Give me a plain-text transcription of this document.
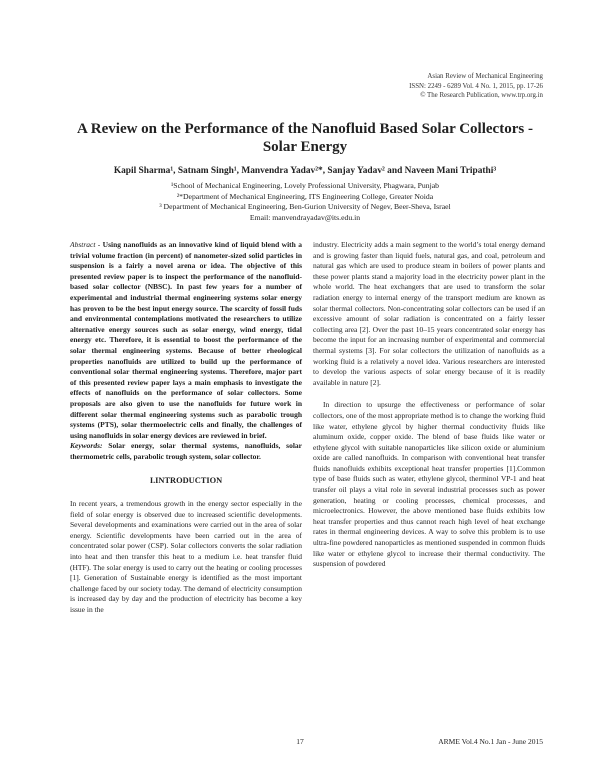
Asian Review of Mechanical Engineering
ISSN: 2249 - 6289 Vol. 4 No. 1, 2015, pp. 17-26
© The Research Publication, www.trp.org.in
A Review on the Performance of the Nanofluid Based Solar Collectors - Solar Energy
Kapil Sharma¹, Satnam Singh¹, Manvendra Yadav²*, Sanjay Yadav² and Naveen Mani Tripathi³
¹School of Mechanical Engineering, Lovely Professional University, Phagwara, Punjab
²*Department of Mechanical Engineering, ITS Engineering College, Greater Noida
³ Department of Mechanical Engineering, Ben-Gurion University of Negev, Beer-Sheva, Israel
Email: manvendrayadav@its.edu.in

Abstract - Using nanofluids as an innovative kind of liquid blend with a trivial volume fraction (in percent) of nanometer-sized solid particles in suspension is a fairly a novel arena or idea. The objective of this presented review paper is to inspect the performance of the nanofluid-based solar collector (NBSC). In past few years for a number of experimental and industrial thermal engineering systems solar energy has proven to be the best input energy source. The scarcity of fossil fuds and environmental contemplations motivated the researchers to utilize alternative energy sources such as solar energy, wind energy, tidal energy etc. Therefore, it is essential to boost the performance of the solar thermal engineering systems. Because of better rheological properties nanofluids are utilized to build up the performance of conventional solar thermal engineering systems. Therefore, major part of this presented review paper lays a main emphasis to investigate the effects of nanofluids on the performance of solar collectors. Some proposals are also given to use the nanofluids for future work in different solar thermal engineering systems such as parabolic trough systems (PTS), solar thermoelectric cells and finally, the challenges of using nanofluids in solar energy devices are reviewed in brief.

Keywords: Solar energy, solar thermal systems, nanofluids, solar thermometric cells, parabolic trough system, solar collector.

I.INTRODUCTION

In recent years, a tremendous growth in the energy sector especially in the field of solar energy is observed due to increased scientific developments. Several developments and examinations were carried out in the area of solar energy. Scientific developments have been carried out in the area of concentrated solar power (CSP). Solar collectors converts the solar radiation into heat and then transfer this heat to a medium i.e. heat transfer fluid (HTF). The solar energy is used to carry out the heating or cooling processes [1]. Generation of Sustainable energy is identified as the most important challenge faced by our society today. The demand of electricity consumption is increased day by day and the production of electricity has become a key issue in the

industry. Electricity adds a main segment to the world’s total energy demand and is growing faster than liquid fuels, natural gas, and coal, petroleum and natural gas which are used to produce steam in boilers of power plants and these power plants stand a majority load in the electricity power plant in the whole world. The heat exchangers that are used to transform the solar radiation energy to internal energy of the transport medium are known as solar thermal collectors. Non-concentrating solar collectors can be used if an excessive amount of solar radiation is concentrated on a fairly lesser collecting area [2]. Over the past 10–15 years concentrated solar energy has become the input for an increasing number of experimental and commercial thermal systems [3]. For solar collectors the utilization of nanofluids as a working fluid is a relatively a novel idea. Various researchers are interested to develop the various aspects of solar energy because of it is readily available in nature [2].

In direction to upsurge the effectiveness or performance of solar collectors, one of the most appropriate method is to change the working fluid like water, ethylene glycol by higher thermal conductivity fluids like aluminum oxide, copper oxide. The blend of base fluids like water or ethylene glycol with suitable nanoparticles like silicon oxide or aluminium oxide are called nanofluids. In comparison with conventional heat transfer fluids nanofluids exhibits exceptional heat transfer properties [1].Common type of base fluids such as water, ethylene glycol, therminol VP-1 and heat transfer oil plays a vital role in several industrial processes such as power generation, heating or cooling processes, chemical processes, and microelectronics. However, the above mentioned base fluids exhibits low heat transfer properties and thus cannot reach high level of heat exchange rates in thermal engineering devices. A way to solve this problem is to use ultra-fine powdered nanoparticles as mentioned suspended in common fluids like water or ethylene glycol to increase their thermal conductivity. The suspension of powdered

17	ARME Vol.4 No.1 Jan - June 2015
